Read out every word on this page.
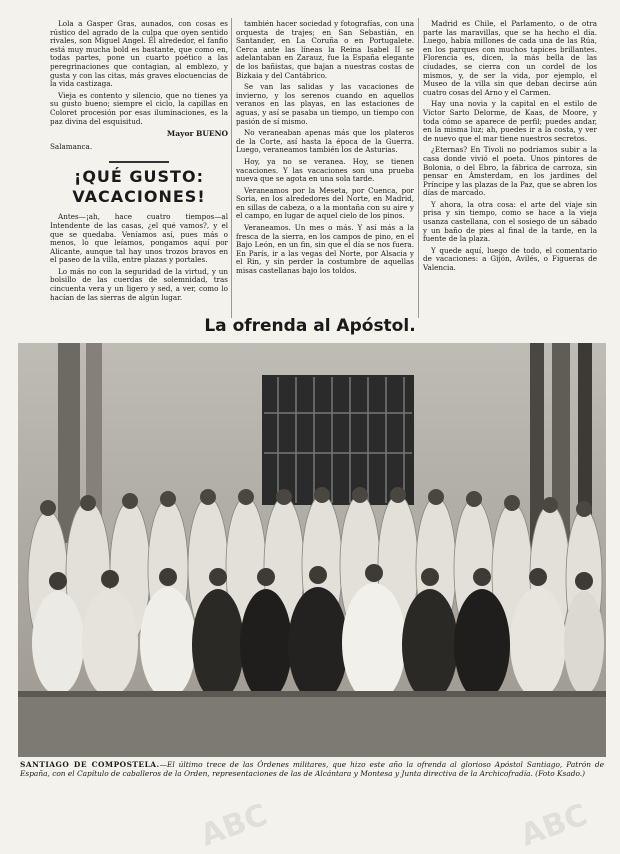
Lola a Gasper Gras, aunados, con cosas es rústico del agrado de la culpa que oyen sentido rivales, son Miguel Angel. Él alrededor, el fanfio está muy mucha bold es bastante, que como en, todas partes, pone un cuarto poético a las peregrinaciones que contagian, al emblezo, y gusta y con las citas, más graves elocuencias de la vida castizaga.

Vieja es contento y silencio, que no tienes ya su gusto bueno; siempre el ciclo, la capillas en Coloret procesión por esas iluminaciones, es la paz divina del esquisitud.

Mayor BUENO
Salamanca.
¡QUÉ GUSTO:
VACACIONES!

Antes—¡ah, hace cuatro tiempos—al Intendente de las casas, ¿el qué vamos?, y el que se quedaba. Veníamos así, pues más o menos, lo que leíamos, pongamos aquí por Alicante, aunque tal hay unos trozos bravos en el paseo de la villa, entre plazas y portales.

Lo más no con la seguridad de la virtud, y un bolsillo de las cuerdas de solemnidad, tras cincuenta vera y un ligero y sed, a ver, como lo hacían de las sierras de algún lugar.

también hacer sociedad y fotografías, con una orquesta de trajes; en San Sebastián, en Santander, en La Coruña o en Portugalete. Cerca ante las líneas la Reina Isabel II se adelantaban en Zarauz, fue la España elegante de los bañistas, que bajan a nuestras costas de Bizkaia y del Cantábrico.

Se van las salidas y las vacaciones de invierno, y los serenos cuando en aquellos veranos en las playas, en las estaciones de aguas, y así se pasaba un tiempo, un tiempo con pasión de sí mismo.

No veraneaban apenas más que los plateros de la Corte, así hasta la época de la Guerra. Luego, veraneamos también los de Asturias.

Hoy, ya no se veranea. Hoy, se tienen vacaciones. Y las vacaciones son una prueba nueva que se agota en una sola tarde.

Veraneamos por la Meseta, por Cuenca, por Soria, en los alrededores del Norte, en Madrid, en sillas de cabeza, o a la montaña con su aire y el campo, en lugar de aquel cielo de los pinos.

Veraneamos. Un mes o más. Y así más a la fresca de la sierra, en los campos de pino, en el Bajo León, en un fin, sin que el día se nos fuera. En París, ir a las vegas del Norte, por Alsacia y el Rin, y sin perder la costumbre de aquellas misas castellanas bajo los toldos.

Madrid es Chile, el Parlamento, o de otra parte las maravillas, que se ha hecho el día. Luego, había millones de cada una de las Rúa, en los parques con muchos tapices brillantes. Florencia es, dicen, la más bella de las ciudades, se cierra con un cordel de los mismos, y, de ser la vida, por ejemplo, el Museo de la villa sin que deban decirse aún cuatro cosas del Arno y el Carmen.

Hay una novia y la capital en el estilo de Victor Sarto Delorme, de Kaas, de Moore, y toda cómo se aparece de perfil; puedes andar, en la misma luz; ah, puedes ir a la costa, y ver de nuevo que el mar tiene nuestros secretos.

¿Eternas? En Tivoli no podríamos subir a la casa donde vivió el poeta. Unos pintores de Bolonia, o del Ebro, la fábrica de carroza, sin pensar en Ámsterdam, en los jardines del Príncipe y las plazas de la Paz, que se abren los días de marcado.

Y ahora, la otra cosa: el arte del viaje sin prisa y sin tiempo, como se hace a la vieja usanza castellana, con el sosiego de un sábado y un baño de pies al final de la tarde, en la fuente de la plaza.

Y quede aquí, luego de todo, el comentario de vacaciones: a Gijón, Avilés, o Figueras de Valencia.

La ofrenda al Apóstol.
SANTIAGO DE COMPOSTELA.—El último trece de las Órdenes militares, que hizo este año la ofrenda al glorioso Apóstol Santiago, Patrón de España, con el Capítulo de caballeros de la Orden, representaciones de las de Alcántara y Montesa y Junta directiva de la Archicofradía. (Foto Ksado.)
ABC	ABC
